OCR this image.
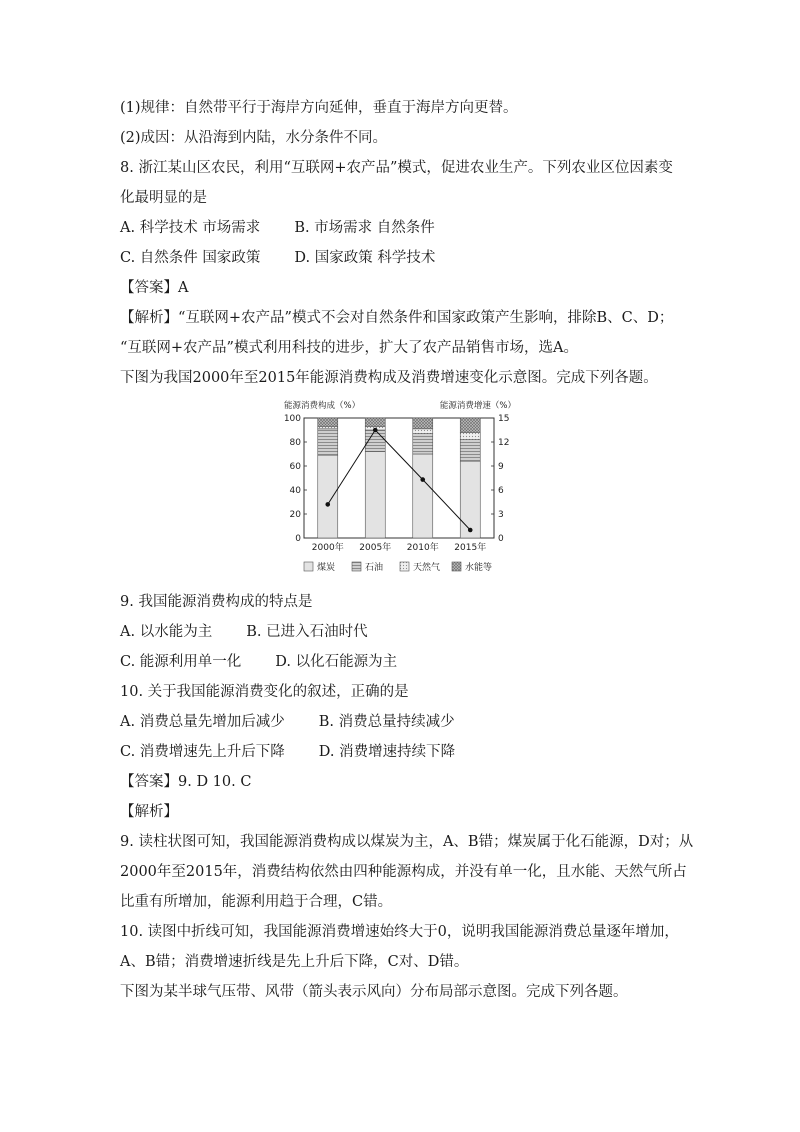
(1)规律：自然带平行于海岸方向延伸，垂直于海岸方向更替。
(2)成因：从沿海到内陆，水分条件不同。
8. 浙江某山区农民，利用“互联网+农产品”模式，促进农业生产。下列农业区位因素变
化最明显的是
A. 科学技术 市场需求 B. 市场需求 自然条件
C. 自然条件 国家政策 D. 国家政策 科学技术
【答案】A
【解析】“互联网+农产品”模式不会对自然条件和国家政策产生影响，排除B、C、D；
“互联网+农产品”模式利用科技的进步，扩大了农产品销售市场，选A。
下图为我国2000年至2015年能源消费构成及消费增速变化示意图。完成下列各题。
能源消费构成（%）	能源消费增速（%）
0
20
40
60
80
100
0
3
6
9
12
15
2000年 2005年 2010年 2015年
煤炭	石油	天然气	水能等
9. 我国能源消费构成的特点是
A. 以水能为主 B. 已进入石油时代
C. 能源利用单一化 D. 以化石能源为主
10. 关于我国能源消费变化的叙述，正确的是
A. 消费总量先增加后减少 B. 消费总量持续减少
C. 消费增速先上升后下降 D. 消费增速持续下降
【答案】9. D 10. C
【解析】
9. 读柱状图可知，我国能源消费构成以煤炭为主，A、B错；煤炭属于化石能源，D对；从
2000年至2015年，消费结构依然由四种能源构成，并没有单一化，且水能、天然气所占
比重有所增加，能源利用趋于合理，C错。
10. 读图中折线可知，我国能源消费增速始终大于0，说明我国能源消费总量逐年增加，
A、B错；消费增速折线是先上升后下降，C对、D错。
下图为某半球气压带、风带（箭头表示风向）分布局部示意图。完成下列各题。
